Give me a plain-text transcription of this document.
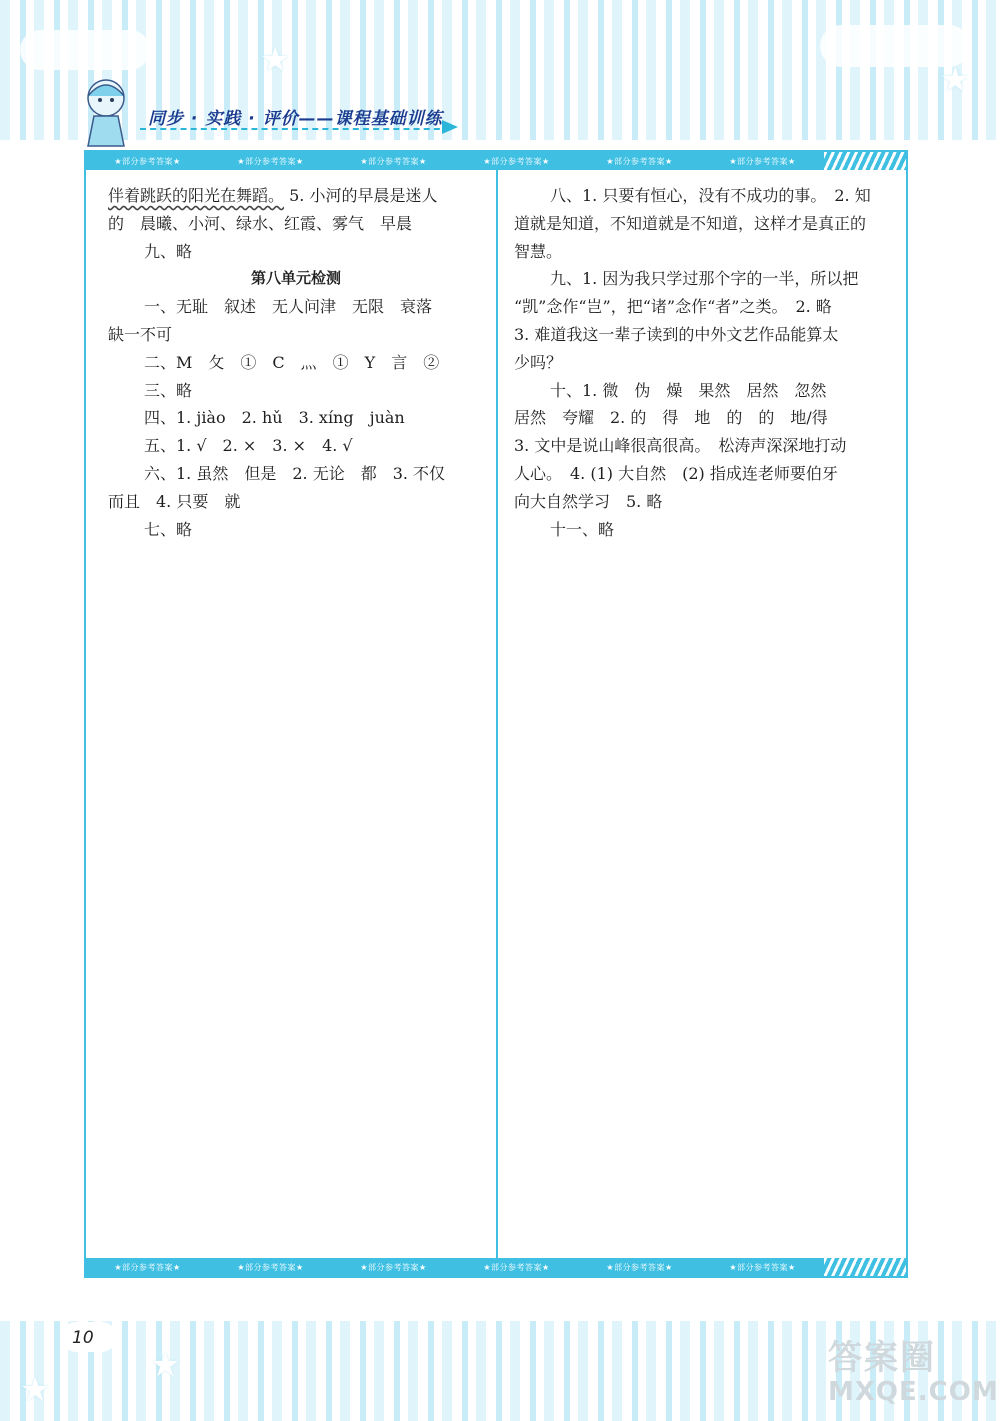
★	★
同步 · 实践 · 评价——课程基础训练
★部分参考答案★	★部分参考答案★	★部分参考答案★	★部分参考答案★	★部分参考答案★	★部分参考答案★

伴着跳跃的阳光在舞蹈。 5. 小河的早晨是迷人

的　晨曦、小河、绿水、红霞、雾气　早晨

九、略

第八单元检测

一、无耻　叙述　无人问津　无限　衰落

缺一不可

二、M　攵　①　C　灬　①　Y　言　②

三、略

四、1. jiào　2. hǔ　3. xíng　juàn

五、1. √　2. ×　3. ×　4. √

六、1. 虽然　但是　2. 无论　都　3. 不仅

而且　4. 只要　就

七、略

八、1. 只要有恒心，没有不成功的事。　2. 知

道就是知道，不知道就是不知道，这样才是真正的

智慧。

九、1. 因为我只学过那个字的一半，所以把

“凯”念作“岂”，把“诸”念作“者”之类。　2. 略

3. 难道我这一辈子读到的中外文艺作品能算太

少吗？

十、1. 微　伪　燥　果然　居然　忽然

居然　夸耀　2. 的　得　地　的　的　地/得

3. 文中是说山峰很高很高。　松涛声深深地打动

人心。　4. (1) 大自然　(2) 指成连老师要伯牙

向大自然学习　5. 略

十一、略

★部分参考答案★	★部分参考答案★	★部分参考答案★	★部分参考答案★	★部分参考答案★	★部分参考答案★
★
★
10	答案圈
MXQE.COM
